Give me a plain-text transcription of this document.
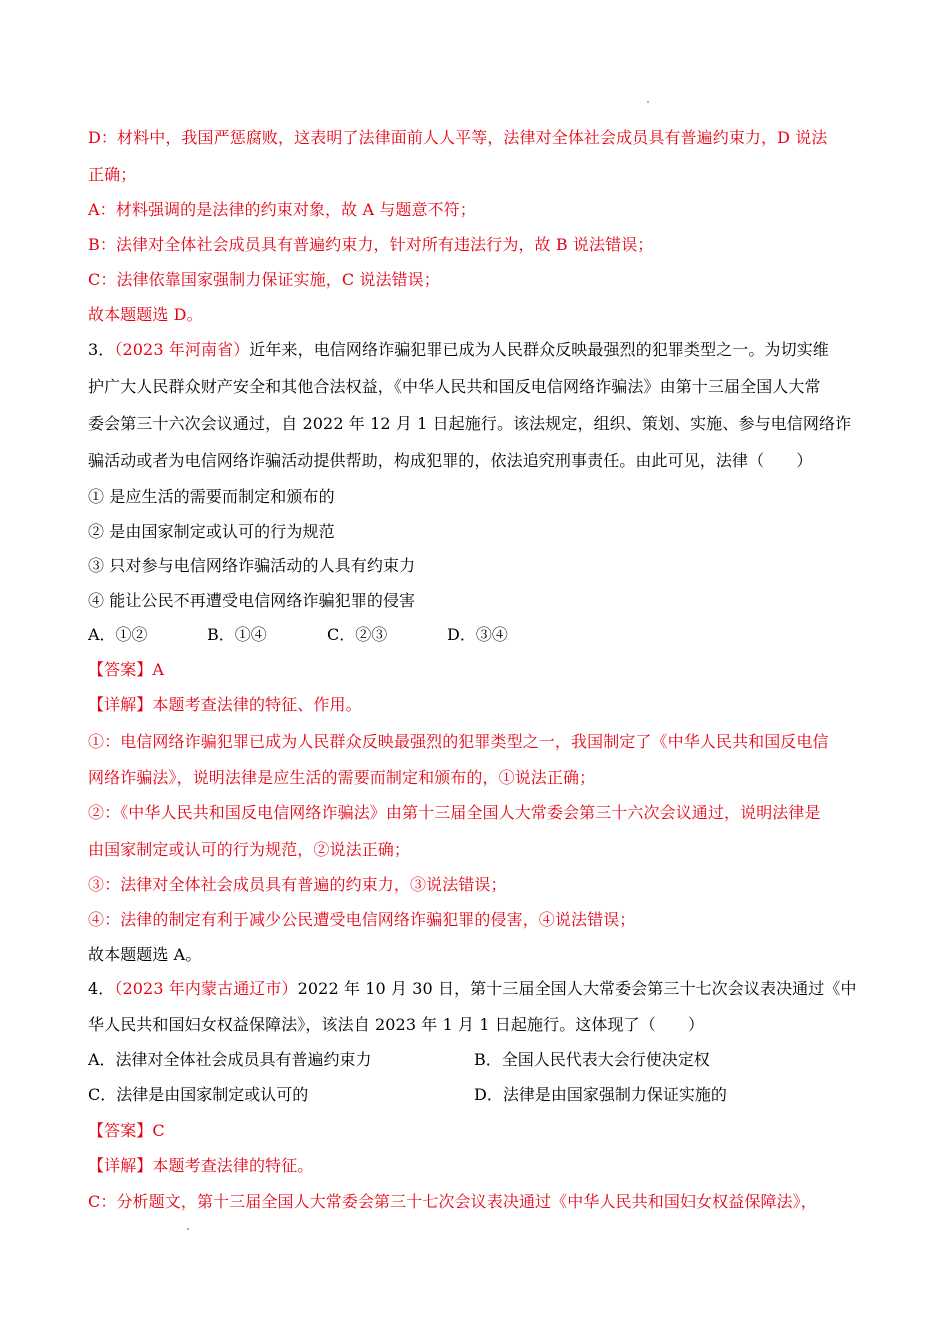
D：材料中，我国严惩腐败，这表明了法律面前人人平等，法律对全体社会成员具有普遍约束力，D 说法
正确；
A：材料强调的是法律的约束对象，故 A 与题意不符；
B：法律对全体社会成员具有普遍约束力，针对所有违法行为，故 B 说法错误；
C：法律依靠国家强制力保证实施，C 说法错误；
故本题题选 D。
3．（2023 年河南省）近年来，电信网络诈骗犯罪已成为人民群众反映最强烈的犯罪类型之一。为切实维
护广大人民群众财产安全和其他合法权益，《中华人民共和国反电信网络诈骗法》由第十三届全国人大常
委会第三十六次会议通过，自 2022 年 12 月 1 日起施行。该法规定，组织、策划、实施、参与电信网络诈
骗活动或者为电信网络诈骗活动提供帮助，构成犯罪的，依法追究刑事责任。由此可见，法律（　　）
① 是应生活的需要而制定和颁布的
② 是由国家制定或认可的行为规范
③ 只对参与电信网络诈骗活动的人具有约束力
④ 能让公民不再遭受电信网络诈骗犯罪的侵害
A．①②	B．①④	C．②③	D．③④
【答案】A
【详解】本题考查法律的特征、作用。
①：电信网络诈骗犯罪已成为人民群众反映最强烈的犯罪类型之一，我国制定了《中华人民共和国反电信
网络诈骗法》，说明法律是应生活的需要而制定和颁布的，①说法正确；
②：《中华人民共和国反电信网络诈骗法》由第十三届全国人大常委会第三十六次会议通过，说明法律是
由国家制定或认可的行为规范，②说法正确；
③：法律对全体社会成员具有普遍的约束力，③说法错误；
④：法律的制定有利于减少公民遭受电信网络诈骗犯罪的侵害，④说法错误；
故本题题选 A。
4．（2023 年内蒙古通辽市）2022 年 10 月 30 日，第十三届全国人大常委会第三十七次会议表决通过《中
华人民共和国妇女权益保障法》，该法自 2023 年 1 月 1 日起施行。这体现了（　　）
A．法律对全体社会成员具有普遍约束力	B．全国人民代表大会行使决定权
C．法律是由国家制定或认可的	D．法律是由国家强制力保证实施的
【答案】C
【详解】本题考查法律的特征。
C：分析题文，第十三届全国人大常委会第三十七次会议表决通过《中华人民共和国妇女权益保障法》，
